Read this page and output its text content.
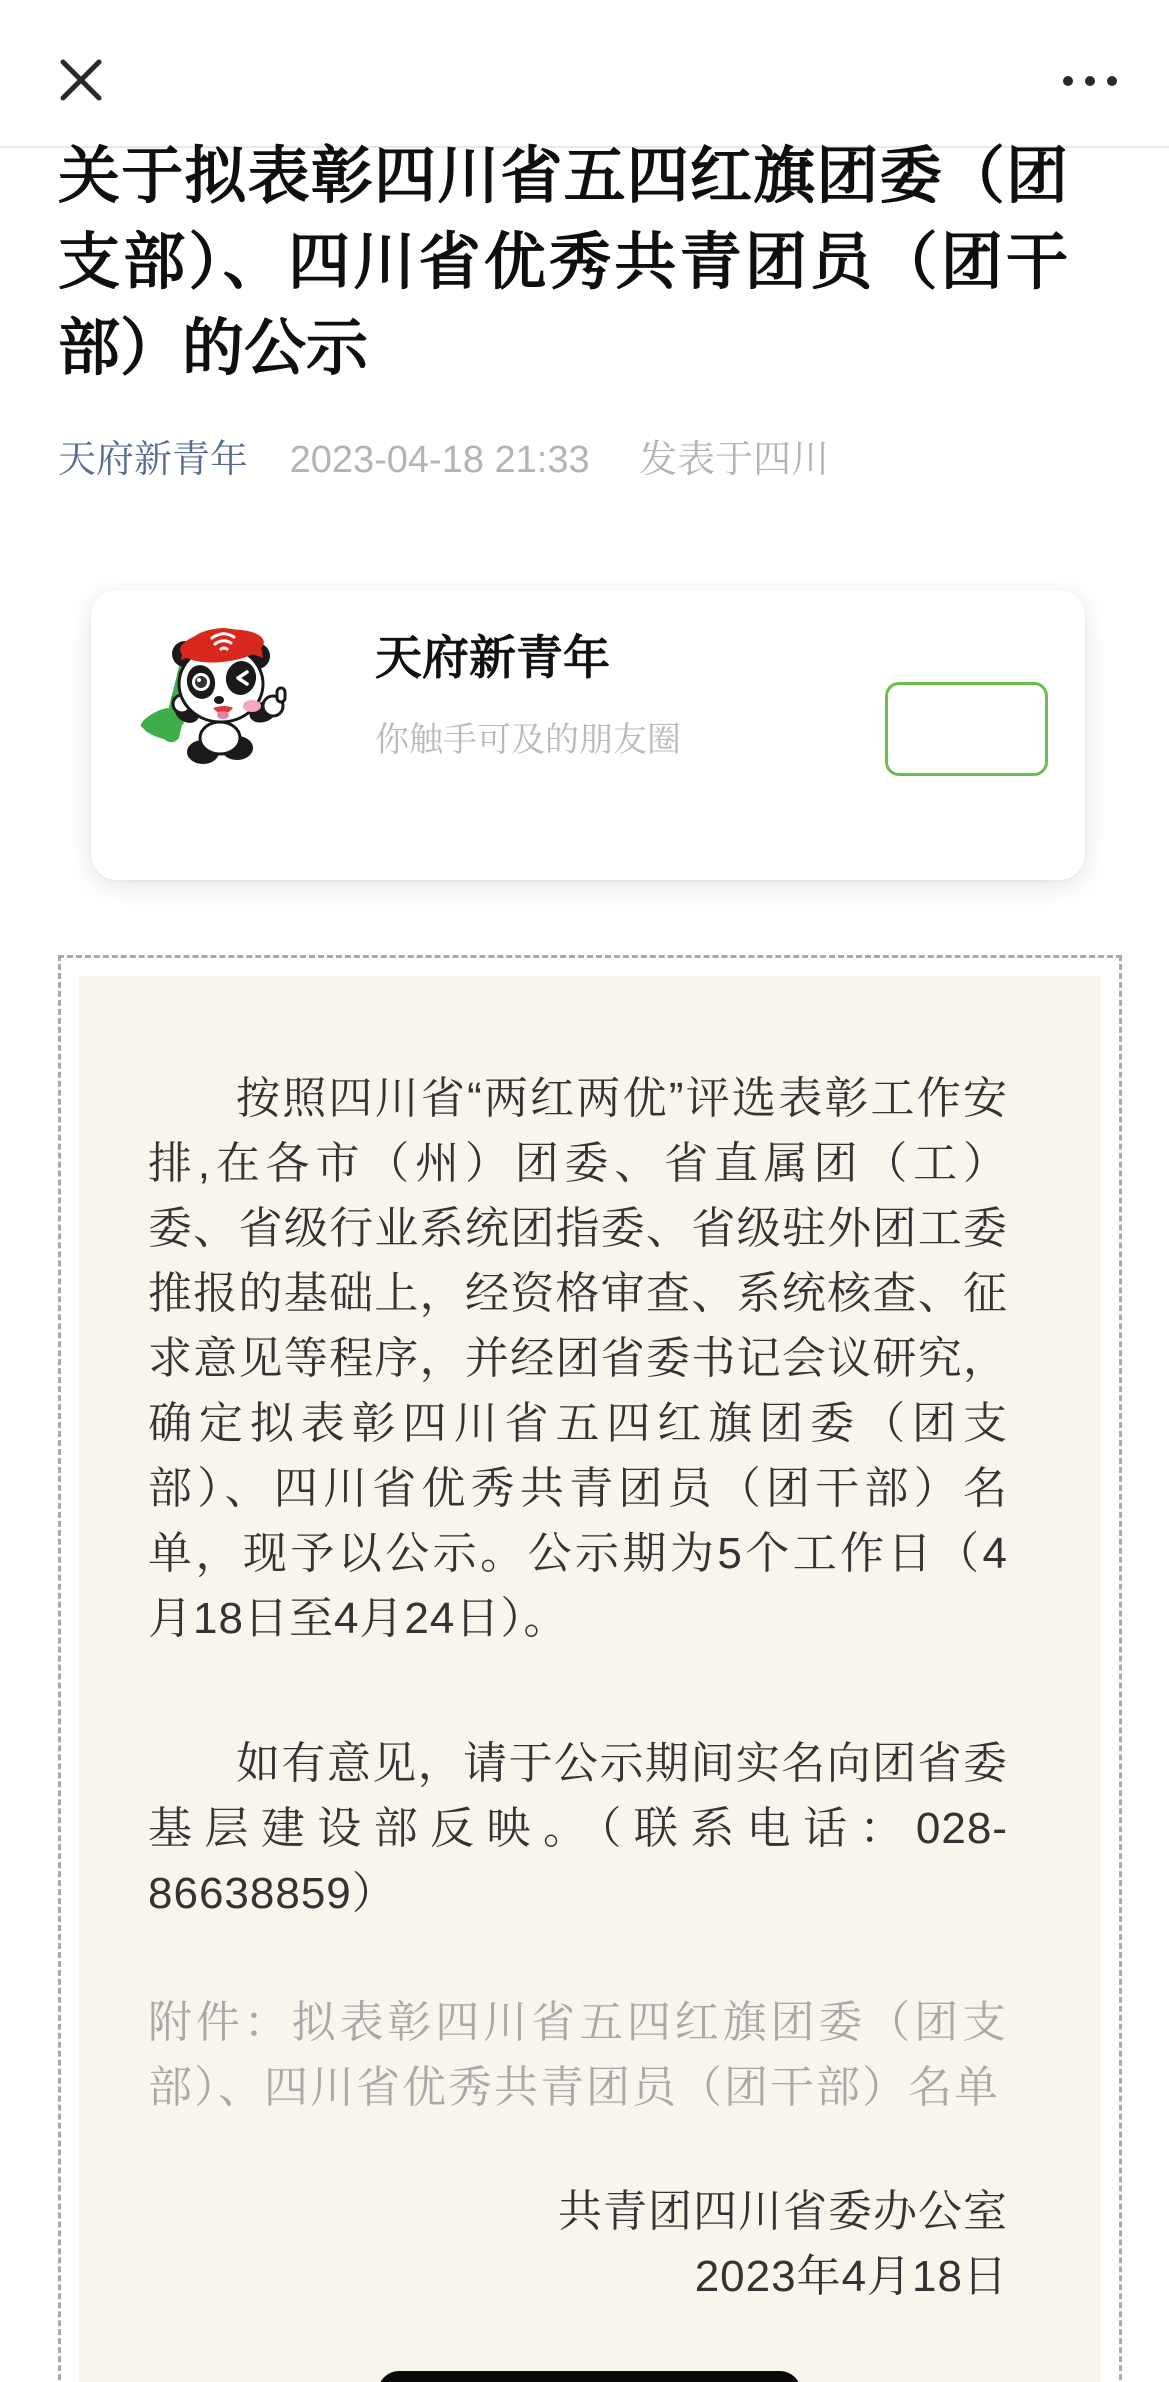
关于拟表彰四川省五四红旗团委（团支部）、四川省优秀共青团员（团干部）的公示
天府新青年 2023-04-18 21:33 发表于四川
天府新青年
你触手可及的朋友圈

按照四川省“两红两优”评选表彰工作安排,在各市（州）团委、省直属团（工）委、省级行业系统团指委、省级驻外团工委推报的基础上，经资格审查、系统核查、征求意见等程序，并经团省委书记会议研究，确定拟表彰四川省五四红旗团委（团支部）、四川省优秀共青团员（团干部）名单，现予以公示。公示期为5个工作日（4月18日至4月24日）。

如有意见，请于公示期间实名向团省委基层建设部反映。（联系电话：028-86638859）

附件：拟表彰四川省五四红旗团委（团支部）、四川省优秀共青团员（团干部）名单

共青团四川省委办公室

2023年4月18日
